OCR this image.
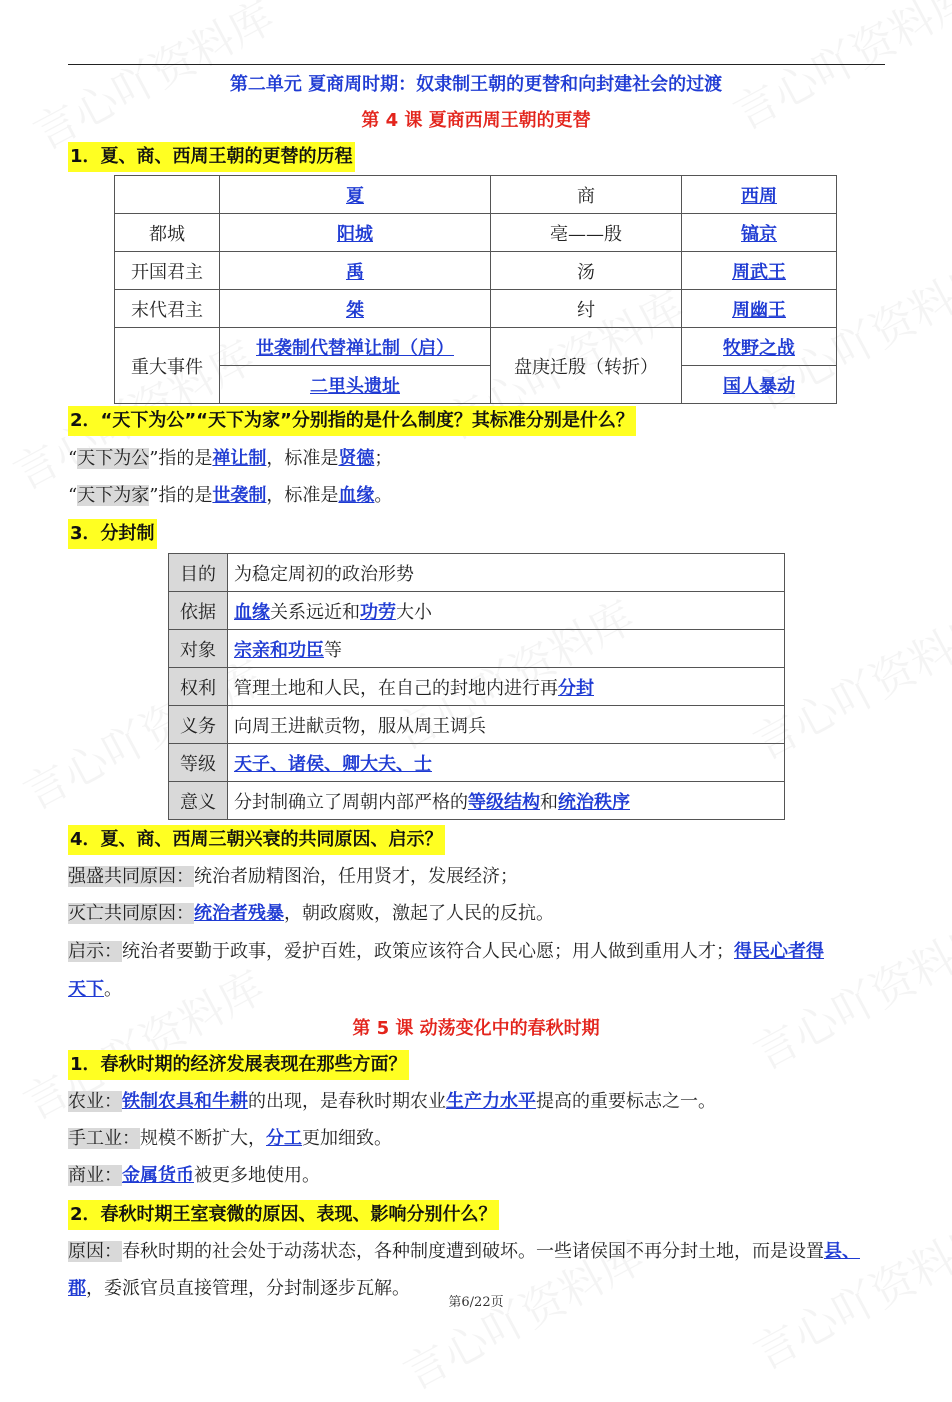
第二单元 夏商周时期：奴隶制王朝的更替和向封建社会的过渡
第 4 课 夏商西周王朝的更替
1．夏、商、西周王朝的更替的历程
	夏	商	西周
都城	阳城	亳——殷	镐京
开国君主	禹	汤	周武王
末代君主	桀	纣	周幽王
重大事件	世袭制代替禅让制（启）	盘庚迁殷（转折）	牧野之战
	二里头遗址		国人暴动
2．“天下为公”“天下为家”分别指的是什么制度？其标准分别是什么？
“天下为公”指的是禅让制，标准是贤德；
“天下为家”指的是世袭制，标准是血缘。
3．分封制
目的	为稳定周初的政治形势
依据	血缘关系远近和功劳大小
对象	宗亲和功臣等
权利	管理土地和人民，在自己的封地内进行再分封
义务	向周王进献贡物，服从周王调兵
等级	天子、诸侯、卿大夫、士
意义	分封制确立了周朝内部严格的等级结构和统治秩序
4．夏、商、西周三朝兴衰的共同原因、启示？
强盛共同原因：统治者励精图治，任用贤才，发展经济；
灭亡共同原因：统治者残暴，朝政腐败，激起了人民的反抗。
启示：统治者要勤于政事，爱护百姓，政策应该符合人民心愿；用人做到重用人才；得民心者得
天下。
第 5 课 动荡变化中的春秋时期
1．春秋时期的经济发展表现在那些方面？
农业：铁制农具和牛耕的出现，是春秋时期农业生产力水平提高的重要标志之一。
手工业：规模不断扩大，分工更加细致。
商业：金属货币被更多地使用。
2．春秋时期王室衰微的原因、表现、影响分别什么？
原因：春秋时期的社会处于动荡状态，各种制度遭到破坏。一些诸侯国不再分封土地，而是设置县、
郡，委派官员直接管理，分封制逐步瓦解。
第6/22页
